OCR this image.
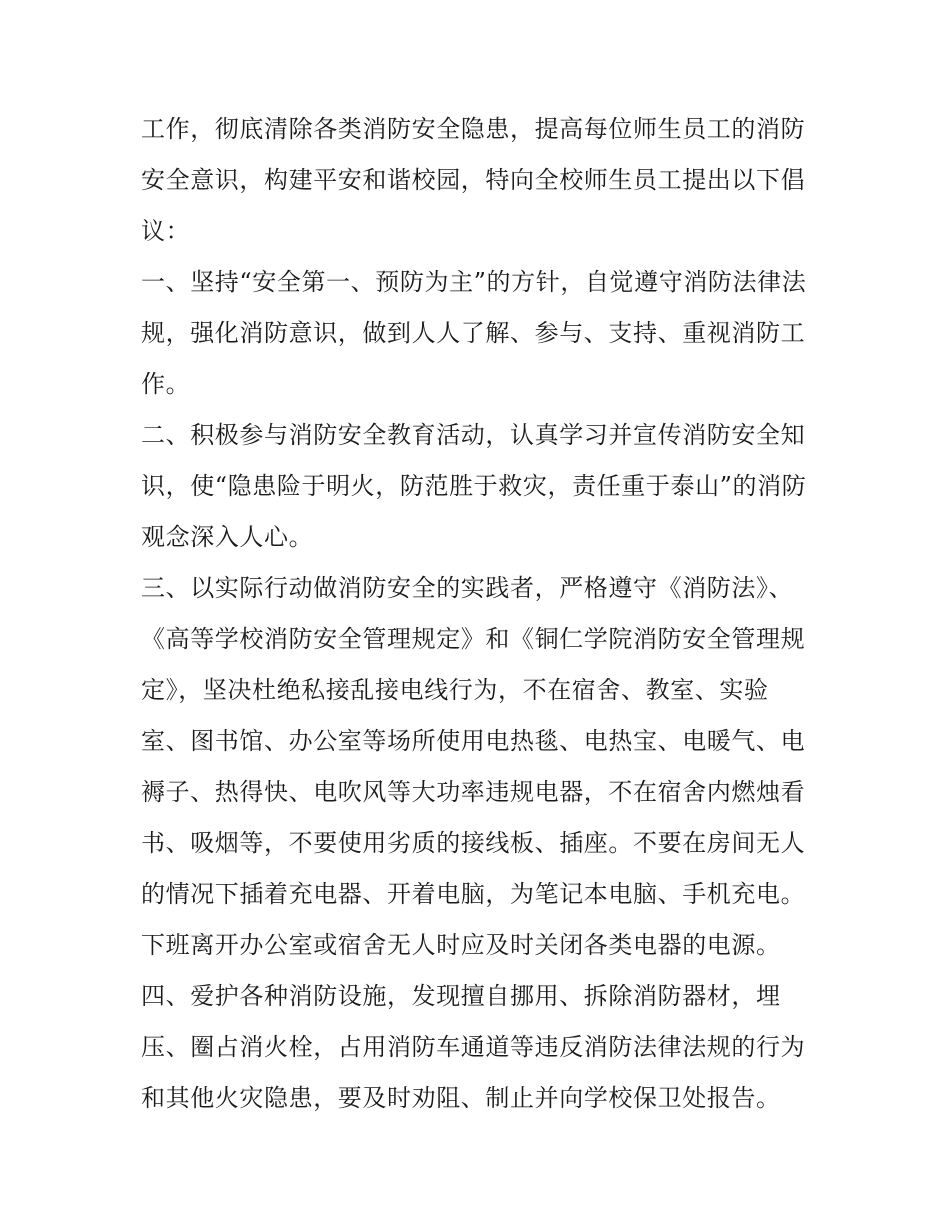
工作，彻底清除各类消防安全隐患，提高每位师生员工的消防
安全意识，构建平安和谐校园，特向全校师生员工提出以下倡
议：
一、坚持“安全第一、预防为主”的方针，自觉遵守消防法律法
规，强化消防意识，做到人人了解、参与、支持、重视消防工
作。
二、积极参与消防安全教育活动，认真学习并宣传消防安全知
识，使“隐患险于明火，防范胜于救灾，责任重于泰山”的消防
观念深入人心。
三、以实际行动做消防安全的实践者，严格遵守《消防法》、
《高等学校消防安全管理规定》和《铜仁学院消防安全管理规
定》，坚决杜绝私接乱接电线行为，不在宿舍、教室、实验
室、图书馆、办公室等场所使用电热毯、电热宝、电暖气、电
褥子、热得快、电吹风等大功率违规电器，不在宿舍内燃烛看
书、吸烟等，不要使用劣质的接线板、插座。不要在房间无人
的情况下插着充电器、开着电脑，为笔记本电脑、手机充电。
下班离开办公室或宿舍无人时应及时关闭各类电器的电源。
四、爱护各种消防设施，发现擅自挪用、拆除消防器材，埋
压、圈占消火栓，占用消防车通道等违反消防法律法规的行为
和其他火灾隐患，要及时劝阻、制止并向学校保卫处报告。
